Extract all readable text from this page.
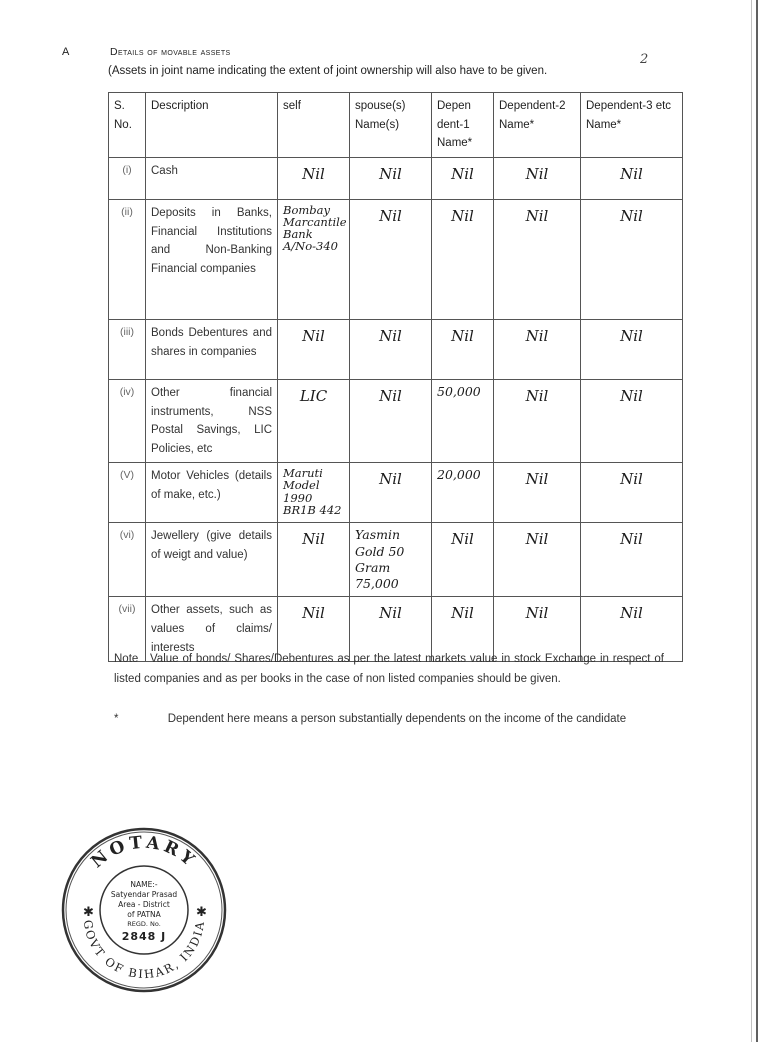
A	Details of movable assets	2
(Assets in joint name indicating the extent of joint ownership will also have to be given.
S. No.	Description	self	spouse(s) Name(s)	Depen dent-1 Name*	Dependent-2 Name*	Dependent-3 etc Name*
(i)	Cash	Nil	Nil	Nil	Nil	Nil
(ii)	Deposits in Banks, Financial Institutions and Non-Banking Financial companies	Bombay Marcantile Bank A/No-340	Nil	Nil	Nil	Nil
(iii)	Bonds Debentures and shares in companies	Nil	Nil	Nil	Nil	Nil
(iv)	Other financial instruments, NSS Postal Savings, LIC Policies, etc	LIC	Nil	50,000	Nil	Nil
(V)	Motor Vehicles (details of make, etc.)	Maruti Model 1990 BR1B 442	Nil	20,000	Nil	Nil
(vi)	Jewellery (give details of weigt and value)	Nil	Yasmin Gold 50 Gram 75,000	Nil	Nil	Nil
(vii)	Other assets, such as values of claims/ interests	Nil	Nil	Nil	Nil	Nil
Note Value of bonds/ Shares/Debentures as per the latest markets value in stock Exchange in respect of listed companies and as per books in the case of non listed companies should be given.
*	Dependent here means a person substantially dependents on the income of the candidate
NOTARY
GOVT OF BIHAR, INDIA
✱	✱
NAME:-
Satyendar Prasad
Area - District
of PATNA
REGD. No.
2848 J
